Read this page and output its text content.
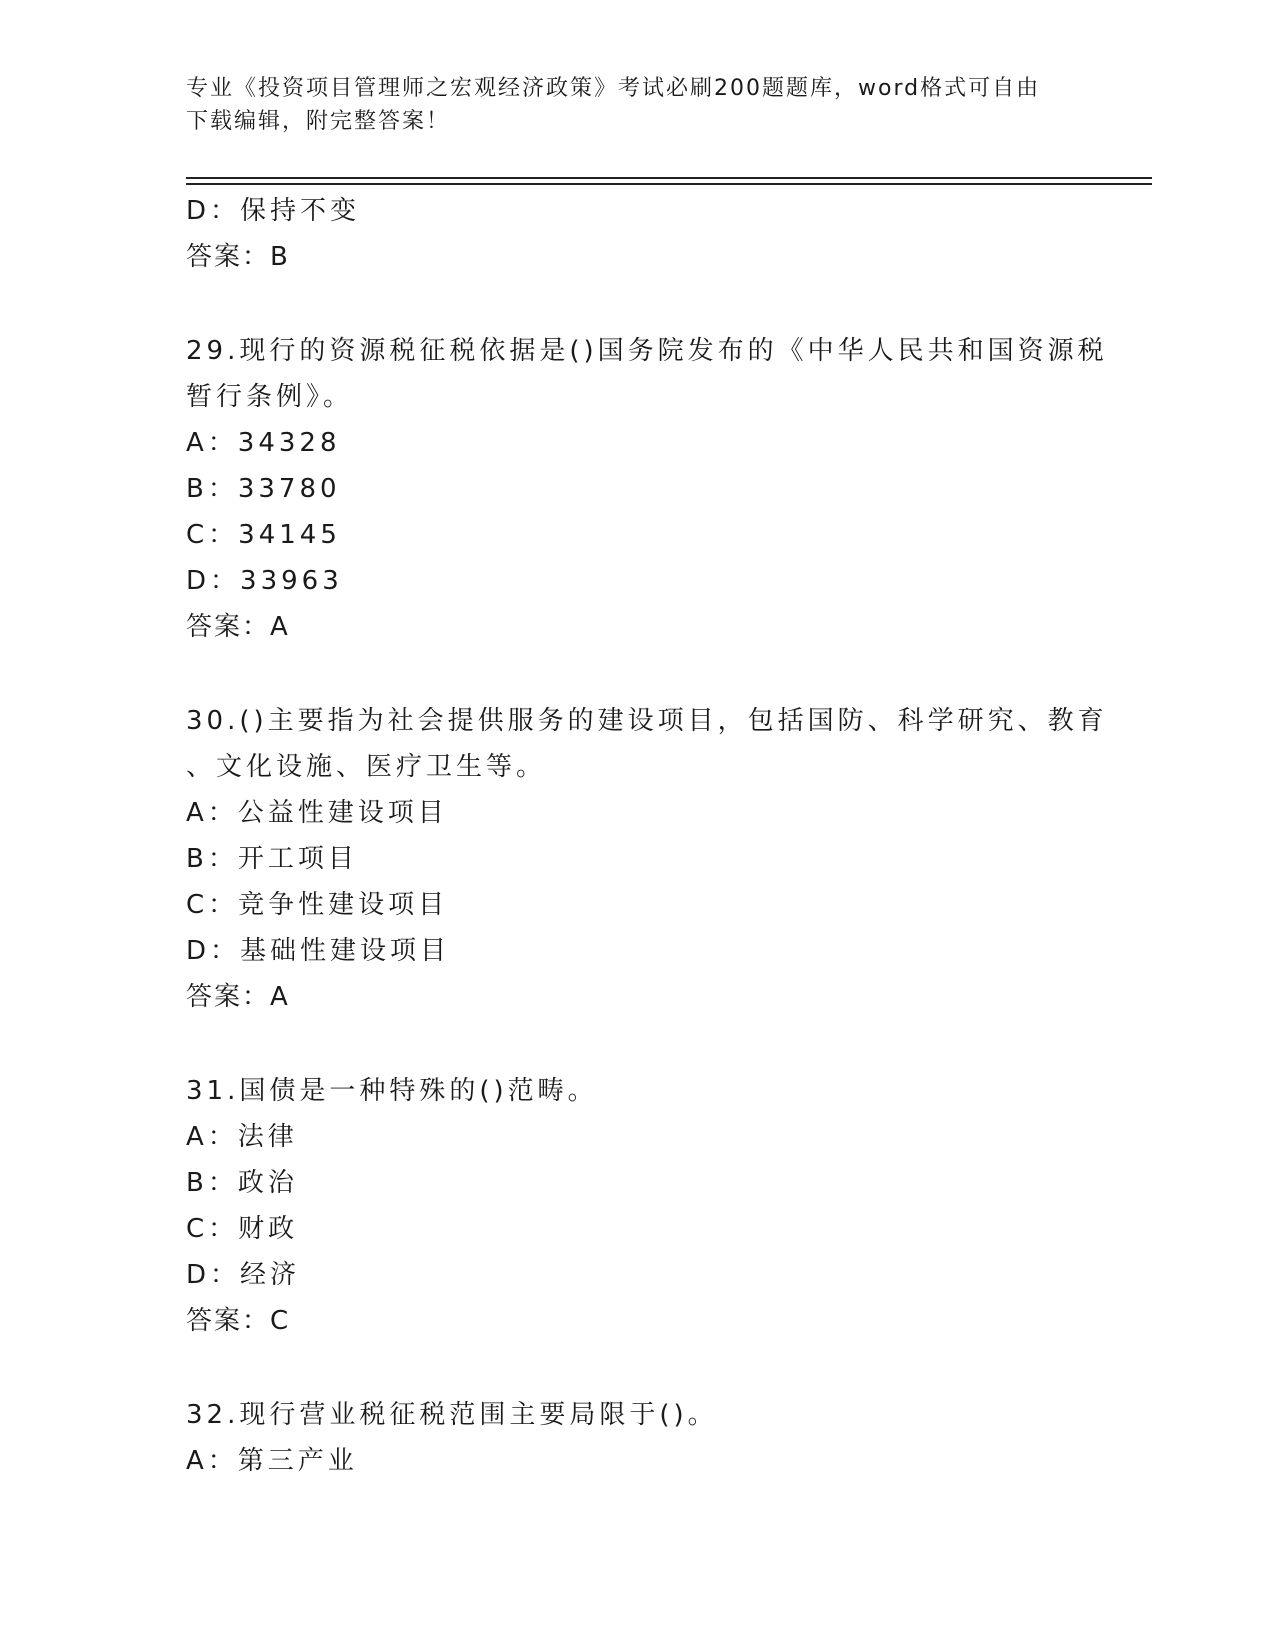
专业《投资项目管理师之宏观经济政策》考试必刷200题题库，word格式可自由
下载编辑，附完整答案！
D：保持不变
答案：B
29.现行的资源税征税依据是()国务院发布的《中华人民共和国资源税
暂行条例》。
A：34328
B：33780
C：34145
D：33963
答案：A
30.()主要指为社会提供服务的建设项目，包括国防、科学研究、教育
、文化设施、医疗卫生等。
A：公益性建设项目
B：开工项目
C：竞争性建设项目
D：基础性建设项目
答案：A
31.国债是一种特殊的()范畴。
A：法律
B：政治
C：财政
D：经济
答案：C
32.现行营业税征税范围主要局限于()。
A：第三产业
